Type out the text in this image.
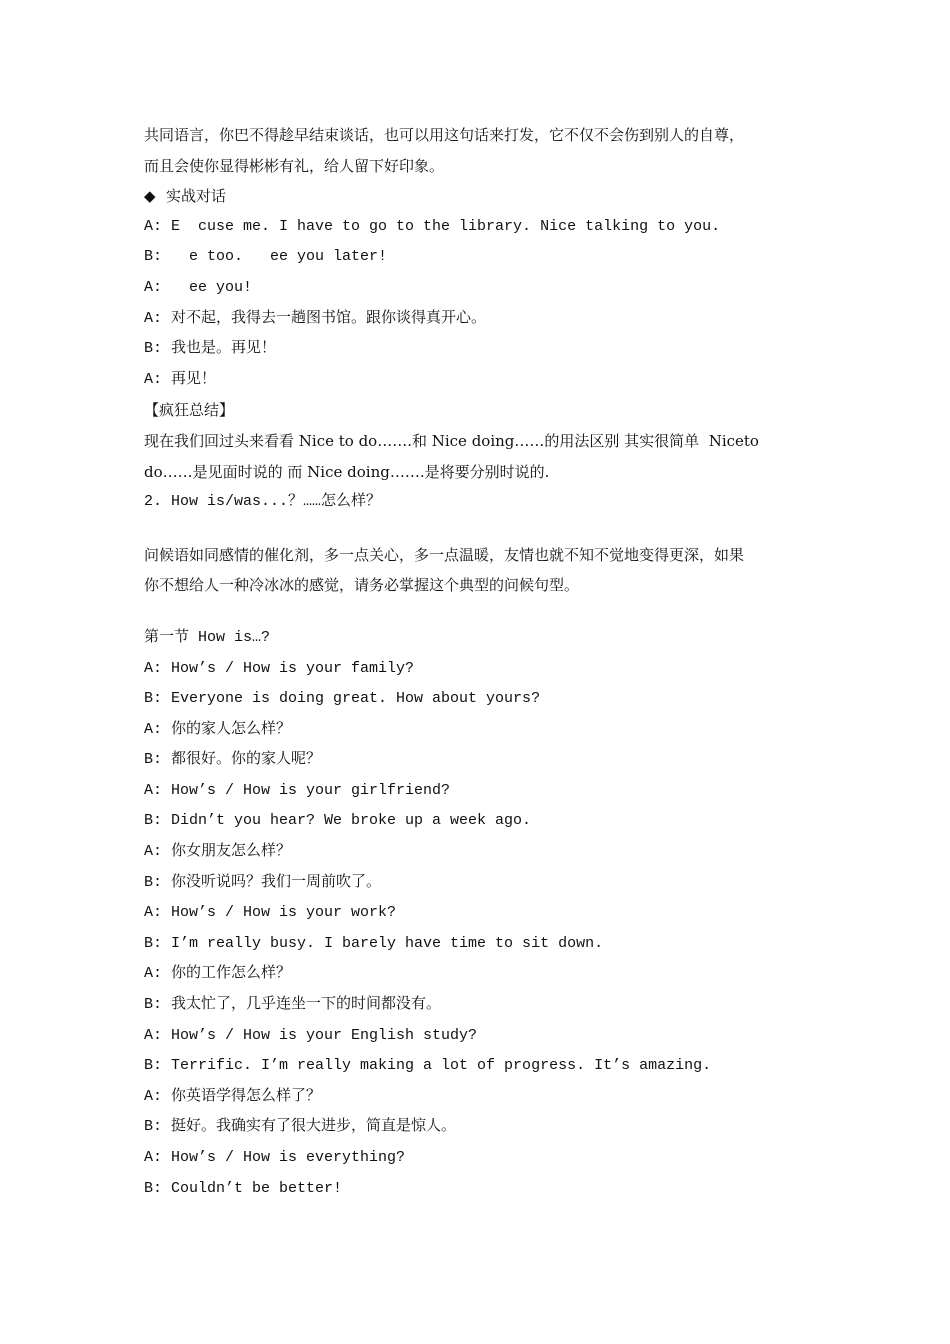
共同语言，你巴不得趁早结束谈话，也可以用这句话来打发，它不仅不会伤到别人的自尊，
而且会使你显得彬彬有礼，给人留下好印象。
◆ 实战对话
A: E  cuse me. I have to go to the library. Nice talking to you.
B:   e too.   ee you later!
A:   ee you!
A: 对不起，我得去一趟图书馆。跟你谈得真开心。
B: 我也是。再见！
A: 再见！
【疯狂总结】
现在我们回过头来看看 Nice to do…….和 Nice doing……的用法区别 其实很简单  Niceto
do……是见面时说的 而 Nice doing…….是将要分别时说的.
2. How is/was...？……怎么样？
问候语如同感情的催化剂，多一点关心，多一点温暖，友情也就不知不觉地变得更深，如果
你不想给人一种冷冰冰的感觉，请务必掌握这个典型的问候句型。
第一节 How is…?
A: How’s / How is your family?
B: Everyone is doing great. How about yours?
A: 你的家人怎么样？
B: 都很好。你的家人呢？
A: How’s / How is your girlfriend?
B: Didn’t you hear? We broke up a week ago.
A: 你女朋友怎么样？
B: 你没听说吗？我们一周前吹了。
A: How’s / How is your work?
B: I’m really busy. I barely have time to sit down.
A: 你的工作怎么样？
B: 我太忙了，几乎连坐一下的时间都没有。
A: How’s / How is your English study?
B: Terrific. I’m really making a lot of progress. It’s amazing.
A: 你英语学得怎么样了？
B: 挺好。我确实有了很大进步，简直是惊人。
A: How’s / How is everything?
B: Couldn’t be better!
